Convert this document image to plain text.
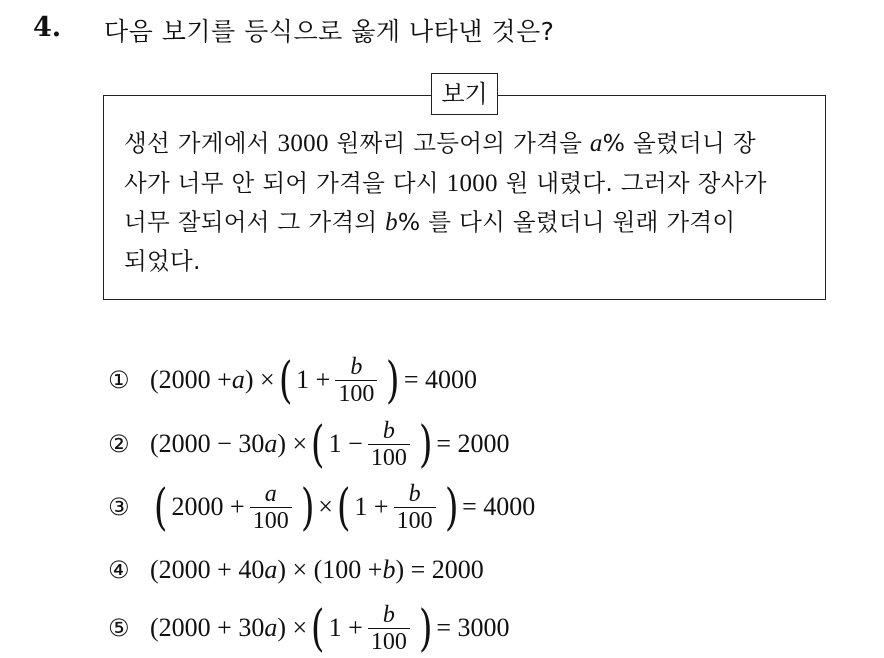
4. 다음 보기를 등식으로 옳게 나타낸 것은?
보기
생선 가게에서 3000 원짜리 고등어의 가격을 a% 올렸더니 장
사가 너무 안 되어 가격을 다시 1000 원 내렸다. 그러자 장사가
너무 잘되어서 그 가격의 b% 를 다시 올렸더니 원래 가격이
되었다.
① (2000 + a ) × ( $1 + \frac{b}{100}$ ) = 4000
② (2000 − 30 a ) × ( $1 - \frac{b}{100}$ ) = 2000
③ ( $2000 + \frac{a}{100}$ ) × ( $1 + \frac{b}{100}$ ) = 4000
④ (2000 + 40 a ) × (100 + b ) = 2000
⑤ (2000 + 30 a ) × ( $1 + \frac{b}{100}$ ) = 3000
